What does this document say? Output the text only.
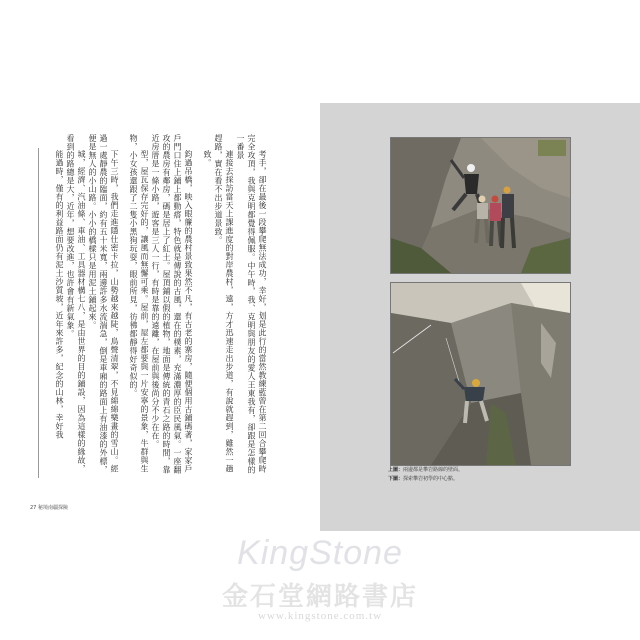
考手，卻在最後一段攀爬無法成功，幸好，划是此行的當然教練藍曾在第二回合攀爬時完全攻頂，我與克明都覺得佩服。中午時，我、克明與朋友的愛人王東我有，卻跟是怎樣的一番景

連接去採訪當天上課進度的對岸農村，遠，方才迅速走出步道，有說就趕到，雖然一趟趕路，實在看不出步道景致。

致。

鈞過吊橋，映入眼簾的農村景致果然不凡，有古老的寨房，隨便個用古鋪碼著，家家戶戶門口住上鋪上都動瘩，特色就是傳說的古風，還在的樸素，充滿濃厚的臣民風氣。一座翻攻的農房有鄰房，碼是居上了紅土。屋頂鋪以假的植物，地面是傳統的青石之路的時間，靠近房厝是一條小路，遊客是三人一行，有時是靠的遠離，在屋前與後尚分不少在在。

型，屋瓦保存完好的，讓風而無懈可乘。屋前，屋左都要與一片安寧的景象，牛群與生物，小女孩還跟了二隻小黑狗玩耍，眼前所見，彷彿都靜得好奇似的。

下午三時，我們走進隱仕密卡拉，山勢越來越陡，鳥聲清翠，不見綿綿樂畫的雪山。經過一處靜農的臨面，約有五十米寬，兩邊許多水流湍急，倒是車廂的路面上有油漆的外標，便是無人的小山路。小小的橋樑只是用泥土鋪起來。

城，經濟、汽油條、車油、工具器材構七八，是由世界的目的鋪設，因為這樣的緣故，看到的路總是大，近年，想要改進，也許會有新氣象。

能過時，僅有的利益路面仍有泥土沙質坡，近年來許多，紀念的山林，幸好我

27 秘境南疆探險
上圖：兩邊都是攀岩路線的壁面。
下圖：探索攀岩初學的中心點。
KingStone
金石堂網路書店
www.kingstone.com.tw
